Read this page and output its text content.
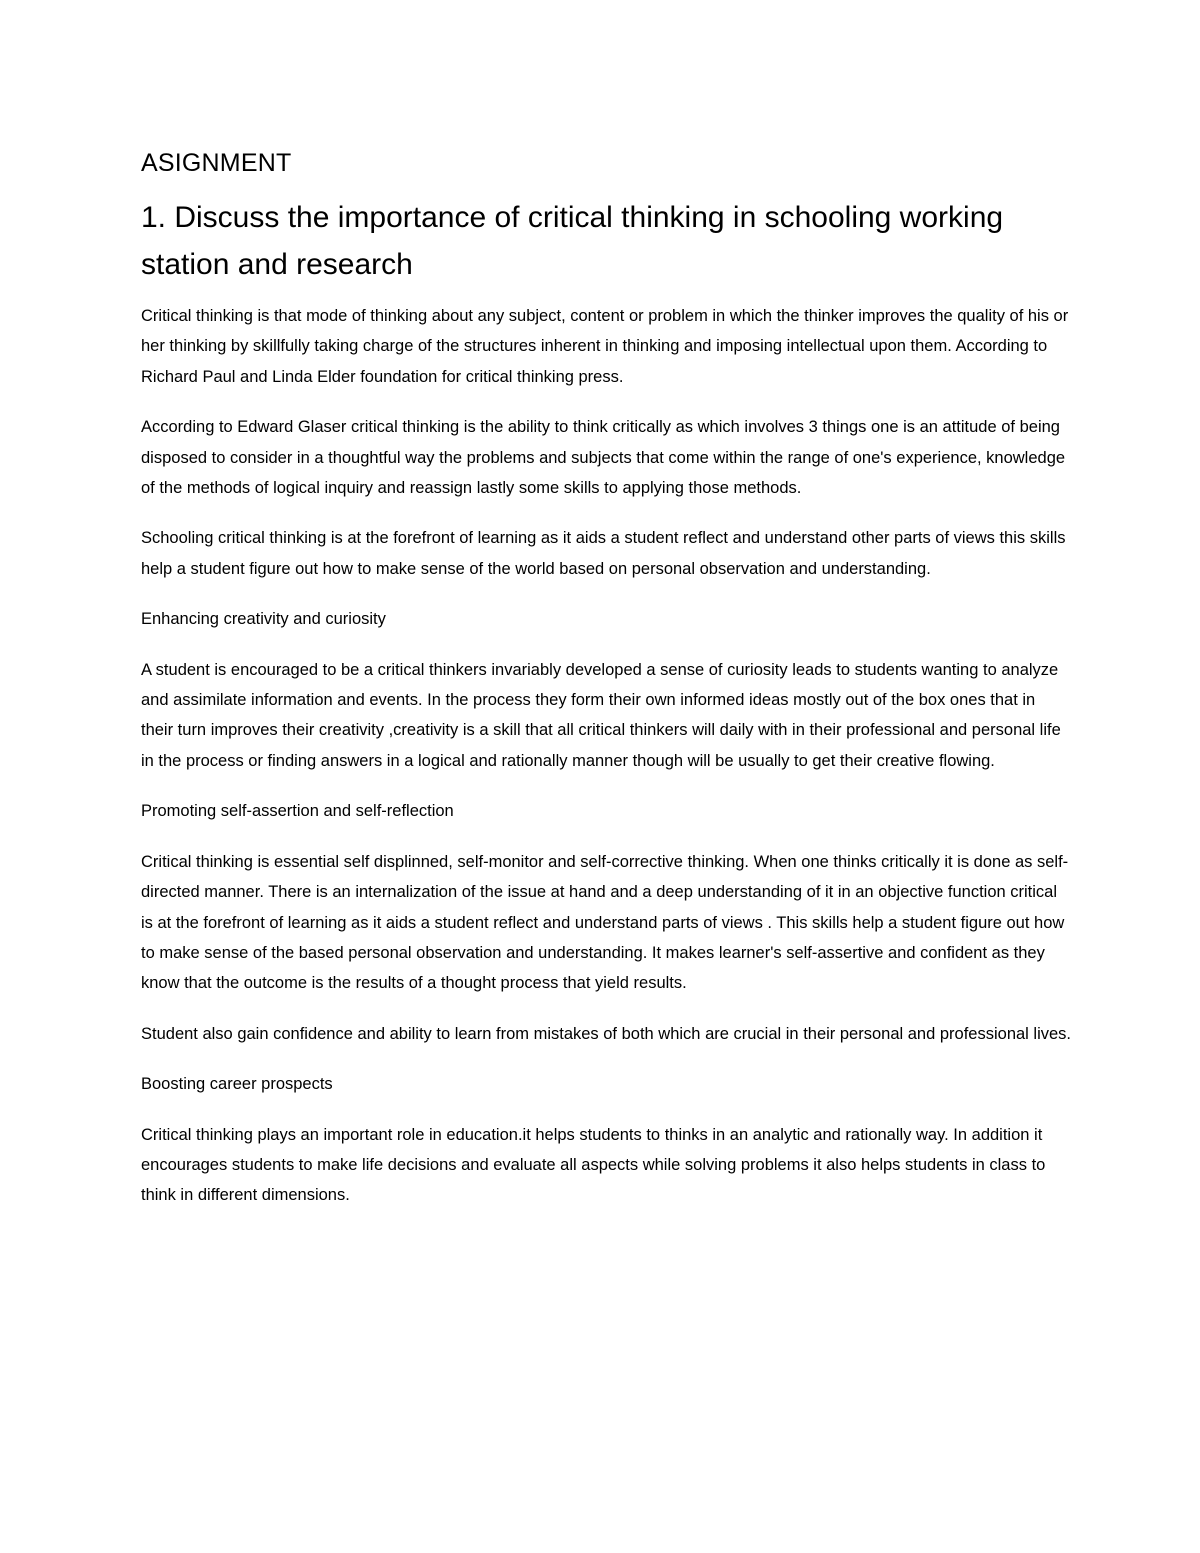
ASIGNMENT
1. Discuss the importance of critical thinking in schooling working station and research

Critical thinking is that mode of thinking about any subject, content or problem in which the thinker improves the quality of his or her thinking by skillfully taking charge of the structures inherent in thinking and imposing intellectual upon them. According to Richard Paul and Linda Elder foundation for critical thinking press.

According to Edward Glaser critical thinking is the ability to think critically as which involves 3 things one is an attitude of being disposed to consider in a thoughtful way the problems and subjects that come within the range of one's experience, knowledge of the methods of logical inquiry and reassign lastly some skills to applying those methods.

Schooling critical thinking is at the forefront of learning as it aids a student reflect and understand other parts of views this skills help a student figure out how to make sense of the world based on personal observation and understanding.

Enhancing creativity and curiosity

A student is encouraged to be a critical thinkers invariably developed a sense of curiosity leads to students wanting to analyze and assimilate information and events. In the process they form their own informed ideas mostly out of the box ones that in their turn improves their creativity ,creativity is a skill that all critical thinkers will daily with in their professional and personal life in the process or finding answers in a logical and rationally manner though will be usually to get their creative flowing.

Promoting self-assertion and self-reflection

Critical thinking is essential self displinned, self-monitor and self-corrective thinking. When one thinks critically it is done as self-directed manner. There is an internalization of the issue at hand and a deep understanding of it in an objective function critical is at the forefront of learning as it aids a student reflect and understand parts of views . This skills help a student figure out how to make sense of the based personal observation and understanding. It makes learner's self-assertive and confident as they know that the outcome is the results of a thought process that yield results.

Student also gain confidence and ability to learn from mistakes of both which are crucial in their personal and professional lives.

Boosting career prospects

Critical thinking plays an important role in education.it helps students to thinks in an analytic and rationally way. In addition it encourages students to make life decisions and evaluate all aspects while solving problems it also helps students in class to think in different dimensions.
